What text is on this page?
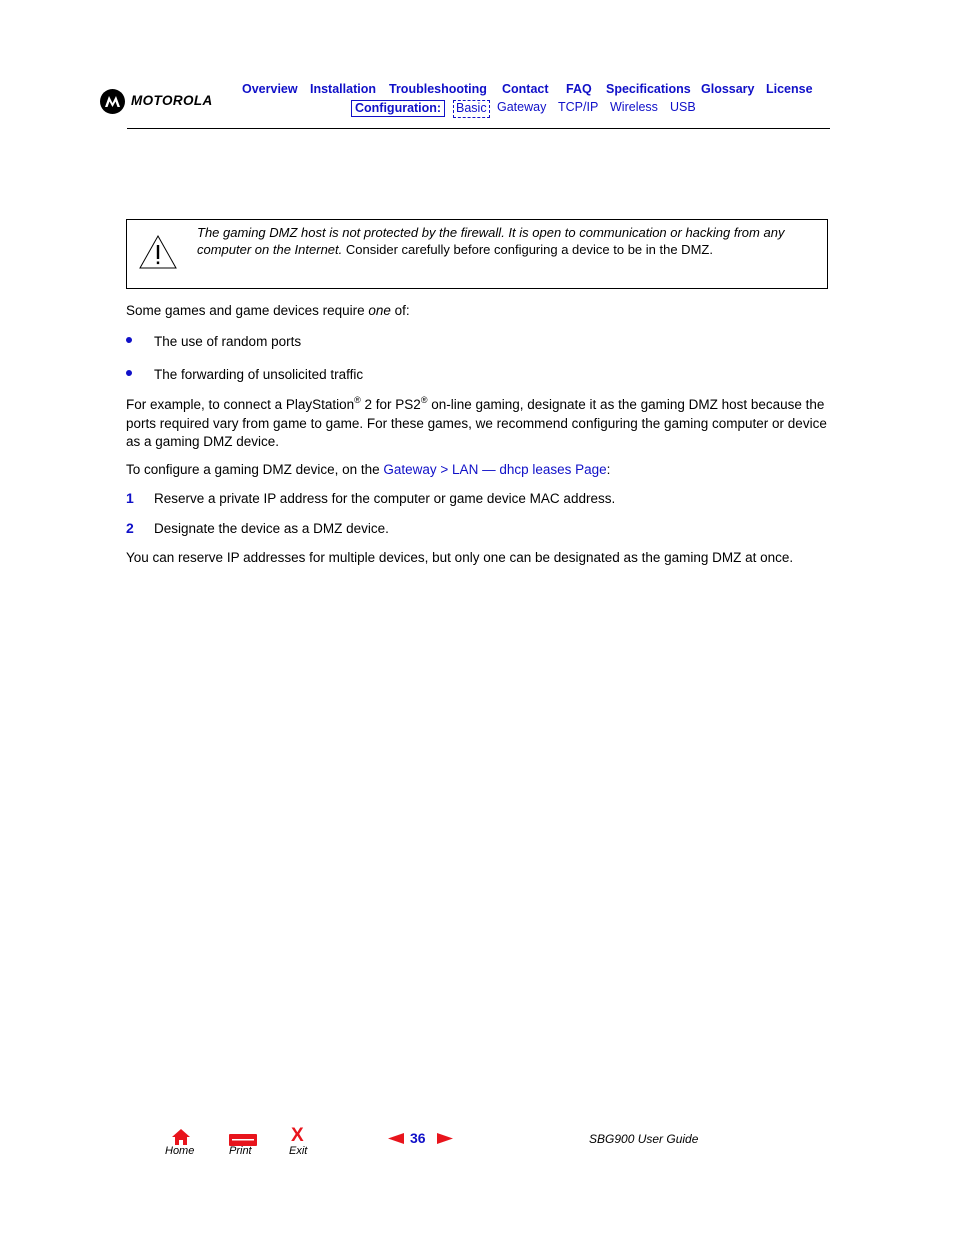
MOTOROLA
Overview Installation Troubleshooting Contact FAQ Specifications Glossary License
Configuration:	Basic Gateway TCP/IP Wireless USB
The gaming DMZ host is not protected by the firewall. It is open to communication or hacking from any computer on the Internet. Consider carefully before configuring a device to be in the DMZ.
Some games and game devices require one of:
The use of random ports
The forwarding of unsolicited traffic
For example, to connect a PlayStation® 2 for PS2® on-line gaming, designate it as the gaming DMZ host because the ports required vary from game to game. For these games, we recommend configuring the gaming computer or device as a gaming DMZ device.
To configure a gaming DMZ device, on the Gateway > LAN — dhcp leases Page:
1 Reserve a private IP address for the computer or game device MAC address.
2 Designate the device as a DMZ device.
You can reserve IP addresses for multiple devices, but only one can be designated as the gaming DMZ at once.
Home	Print
X
Exit
36	SBG900 User Guide
